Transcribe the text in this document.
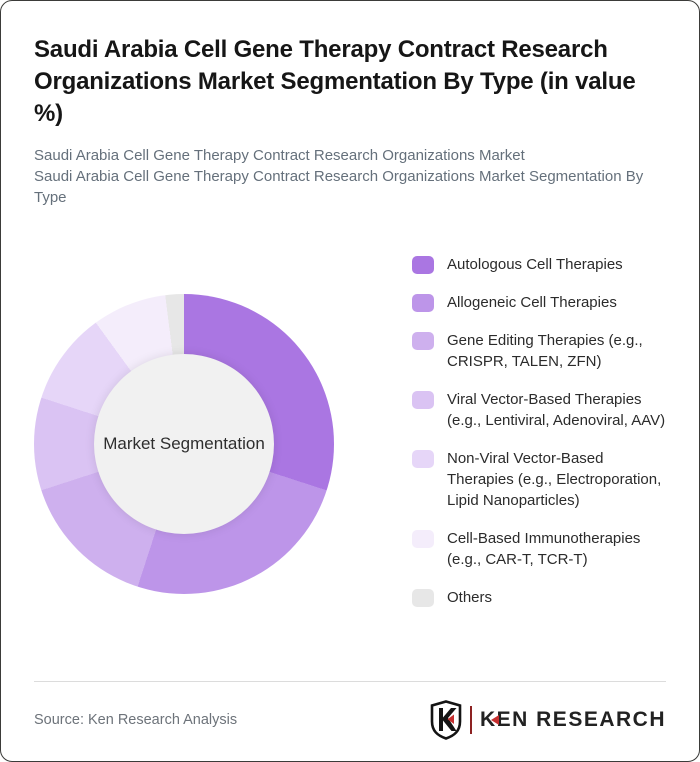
Saudi Arabia Cell Gene Therapy Contract Research Organizations Market Segmentation By Type (in value %)

Saudi Arabia Cell Gene Therapy Contract Research Organizations Market

Saudi Arabia Cell Gene Therapy Contract Research Organizations Market Segmentation By Type

Market Segmentation
Autologous Cell Therapies
Allogeneic Cell Therapies
Gene Editing Therapies (e.g., CRISPR, TALEN, ZFN)
Viral Vector-Based Therapies (e.g., Lentiviral, Adenoviral, AAV)
Non-Viral Vector-Based Therapies (e.g., Electroporation, Lipid Nanoparticles)
Cell-Based Immunotherapies (e.g., CAR-T, TCR-T)
Others
Source: Ken Research Analysis	KEN RESEARCH
